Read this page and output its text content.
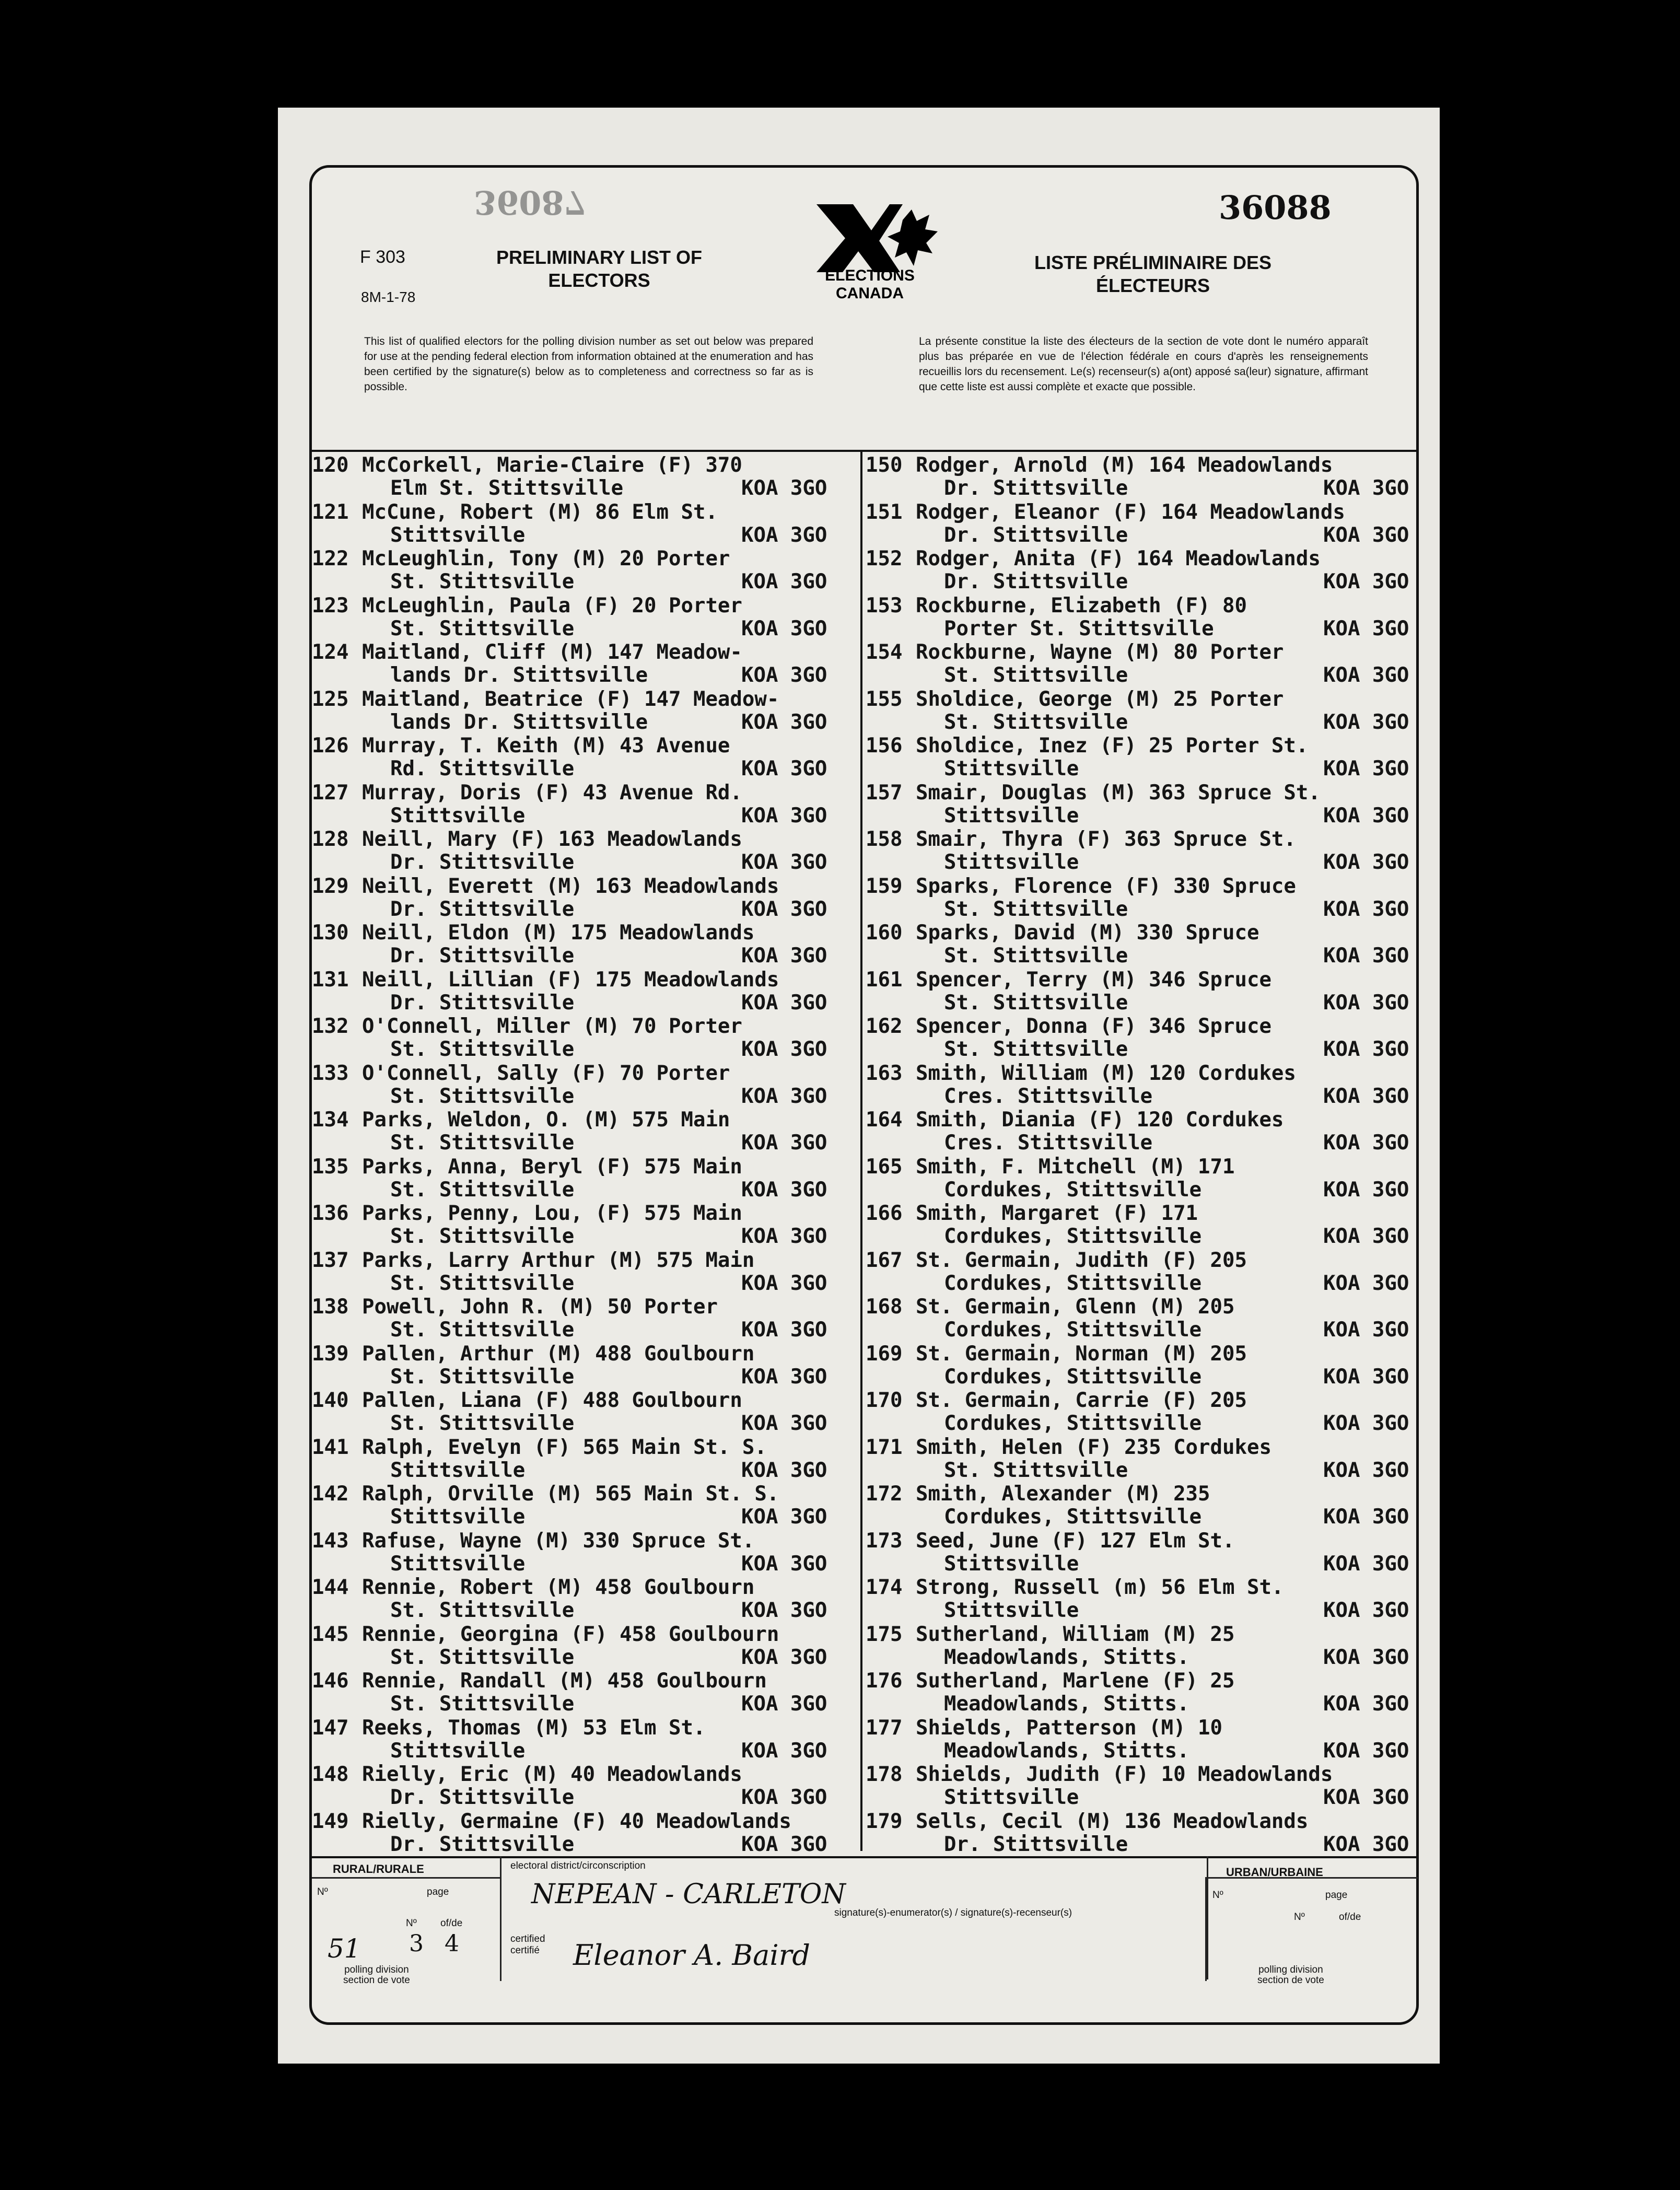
36087	36088
F 303
8M-1-78
PRELIMINARY LIST OF
ELECTORS
LISTE PRÉLIMINAIRE DES
ÉLECTEURS
ELECTIONS
CANADA
This list of qualified electors for the polling division number as set out below was prepared for use at the pending federal election from information obtained at the enumeration and has been certified by the signature(s) below as to completeness and correctness so far as is possible.
La présente constitue la liste des électeurs de la section de vote dont le numéro apparaît plus bas préparée en vue de l'élection fédérale en cours d'après les renseignements recueillis lors du recensement. Le(s) recenseur(s) a(ont) apposé sa(leur) signature, affirmant que cette liste est aussi complète et exacte que possible.
120 McCorkell, Marie-Claire (F) 370
Elm St. Stittsville	KOA 3GO
121 McCune, Robert (M) 86 Elm St.
Stittsville	KOA 3GO
122 McLeughlin, Tony (M) 20 Porter
St. Stittsville	KOA 3GO
123 McLeughlin, Paula (F) 20 Porter
St. Stittsville	KOA 3GO
124 Maitland, Cliff (M) 147 Meadow-
lands Dr. Stittsville	KOA 3GO
125 Maitland, Beatrice (F) 147 Meadow-
lands Dr. Stittsville	KOA 3GO
126 Murray, T. Keith (M) 43 Avenue
Rd. Stittsville	KOA 3GO
127 Murray, Doris (F) 43 Avenue Rd.
Stittsville	KOA 3GO
128 Neill, Mary (F) 163 Meadowlands
Dr. Stittsville	KOA 3GO
129 Neill, Everett (M) 163 Meadowlands
Dr. Stittsville	KOA 3GO
130 Neill, Eldon (M) 175 Meadowlands
Dr. Stittsville	KOA 3GO
131 Neill, Lillian (F) 175 Meadowlands
Dr. Stittsville	KOA 3GO
132 O'Connell, Miller (M) 70 Porter
St. Stittsville	KOA 3GO
133 O'Connell, Sally (F) 70 Porter
St. Stittsville	KOA 3GO
134 Parks, Weldon, O. (M) 575 Main
St. Stittsville	KOA 3GO
135 Parks, Anna, Beryl (F) 575 Main
St. Stittsville	KOA 3GO
136 Parks, Penny, Lou, (F) 575 Main
St. Stittsville	KOA 3GO
137 Parks, Larry Arthur (M) 575 Main
St. Stittsville	KOA 3GO
138 Powell, John R. (M) 50 Porter
St. Stittsville	KOA 3GO
139 Pallen, Arthur (M) 488 Goulbourn
St. Stittsville	KOA 3GO
140 Pallen, Liana (F) 488 Goulbourn
St. Stittsville	KOA 3GO
141 Ralph, Evelyn (F) 565 Main St. S.
Stittsville	KOA 3GO
142 Ralph, Orville (M) 565 Main St. S.
Stittsville	KOA 3GO
143 Rafuse, Wayne (M) 330 Spruce St.
Stittsville	KOA 3GO
144 Rennie, Robert (M) 458 Goulbourn
St. Stittsville	KOA 3GO
145 Rennie, Georgina (F) 458 Goulbourn
St. Stittsville	KOA 3GO
146 Rennie, Randall (M) 458 Goulbourn
St. Stittsville	KOA 3GO
147 Reeks, Thomas (M) 53 Elm St.
Stittsville	KOA 3GO
148 Rielly, Eric (M) 40 Meadowlands
Dr. Stittsville	KOA 3GO
149 Rielly, Germaine (F) 40 Meadowlands
Dr. Stittsville	KOA 3GO
150 Rodger, Arnold (M) 164 Meadowlands
Dr. Stittsville	KOA 3GO
151 Rodger, Eleanor (F) 164 Meadowlands
Dr. Stittsville	KOA 3GO
152 Rodger, Anita (F) 164 Meadowlands
Dr. Stittsville	KOA 3GO
153 Rockburne, Elizabeth (F) 80
Porter St. Stittsville	KOA 3GO
154 Rockburne, Wayne (M) 80 Porter
St. Stittsville	KOA 3GO
155 Sholdice, George (M) 25 Porter
St. Stittsville	KOA 3GO
156 Sholdice, Inez (F) 25 Porter St.
Stittsville	KOA 3GO
157 Smair, Douglas (M) 363 Spruce St.
Stittsville	KOA 3GO
158 Smair, Thyra (F) 363 Spruce St.
Stittsville	KOA 3GO
159 Sparks, Florence (F) 330 Spruce
St. Stittsville	KOA 3GO
160 Sparks, David (M) 330 Spruce
St. Stittsville	KOA 3GO
161 Spencer, Terry (M) 346 Spruce
St. Stittsville	KOA 3GO
162 Spencer, Donna (F) 346 Spruce
St. Stittsville	KOA 3GO
163 Smith, William (M) 120 Cordukes
Cres. Stittsville	KOA 3GO
164 Smith, Diania (F) 120 Cordukes
Cres. Stittsville	KOA 3GO
165 Smith, F. Mitchell (M) 171
Cordukes, Stittsville	KOA 3GO
166 Smith, Margaret (F) 171
Cordukes, Stittsville	KOA 3GO
167 St. Germain, Judith (F) 205
Cordukes, Stittsville	KOA 3GO
168 St. Germain, Glenn (M) 205
Cordukes, Stittsville	KOA 3GO
169 St. Germain, Norman (M) 205
Cordukes, Stittsville	KOA 3GO
170 St. Germain, Carrie (F) 205
Cordukes, Stittsville	KOA 3GO
171 Smith, Helen (F) 235 Cordukes
St. Stittsville	KOA 3GO
172 Smith, Alexander (M) 235
Cordukes, Stittsville	KOA 3GO
173 Seed, June (F) 127 Elm St.
Stittsville	KOA 3GO
174 Strong, Russell (m) 56 Elm St.
Stittsville	KOA 3GO
175 Sutherland, William (M) 25
Meadowlands, Stitts.	KOA 3GO
176 Sutherland, Marlene (F) 25
Meadowlands, Stitts.	KOA 3GO
177 Shields, Patterson (M) 10
Meadowlands, Stitts.	KOA 3GO
178 Shields, Judith (F) 10 Meadowlands
Stittsville	KOA 3GO
179 Sells, Cecil (M) 136 Meadowlands
Dr. Stittsville	KOA 3GO
RURAL/RURALE	URBAN/URBAINE
electoral district/circonscription
NEPEAN - CARLETON
signature(s)-enumerator(s) / signature(s)-recenseur(s)
certified
certifié Eleanor A. Baird
Nº	page
51
Nº
3
of/de
4
polling division
section de vote
Nº	page
Nº	of/de
polling division
section de vote
